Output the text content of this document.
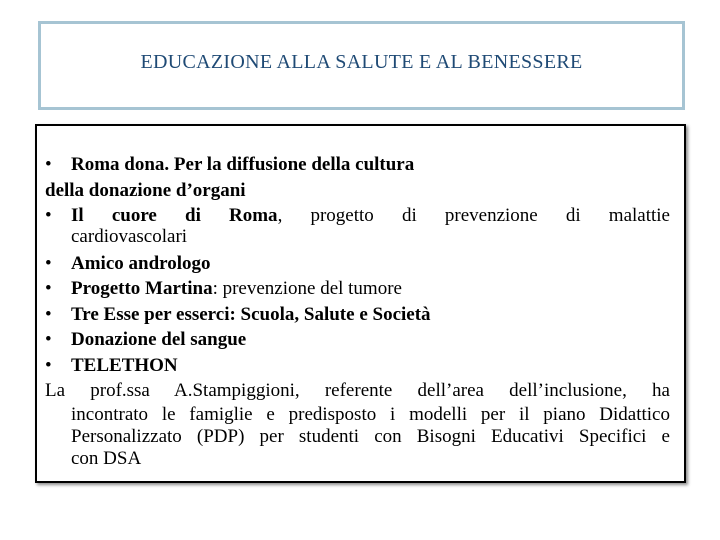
EDUCAZIONE ALLA SALUTE E AL BENESSERE
• Roma dona. Per la diffusione della cultura
della donazione d’organi
• Il cuore di Roma, progetto di prevenzione di malattie
cardiovascolari
• Amico andrologo
• Progetto Martina: prevenzione del tumore
• Tre Esse per esserci: Scuola, Salute e Società
• Donazione del sangue
• TELETHON
La prof.ssa A.Stampiggioni, referente dell’area dell’inclusione, ha
incontrato le famiglie e predisposto i modelli per il piano Didattico
Personalizzato (PDP) per studenti con Bisogni Educativi Specifici e
con DSA
